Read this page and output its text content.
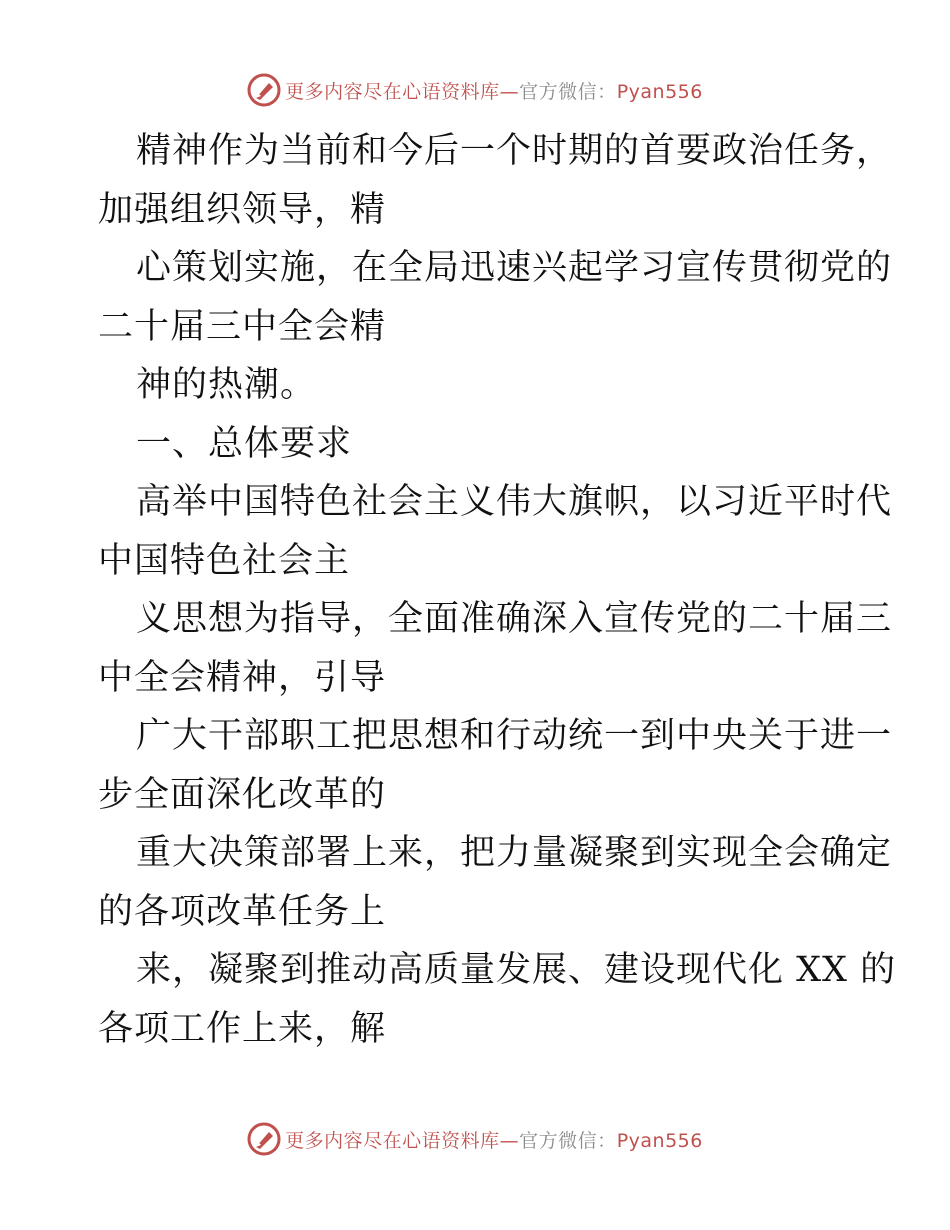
更多内容尽在心语资料库—官方微信：Pyan556
精神作为当前和今后一个时期的首要政治任务，
加强组织领导，精
心策划实施，在全局迅速兴起学习宣传贯彻党的
二十届三中全会精
神的热潮。
一、总体要求
高举中国特色社会主义伟大旗帜，以习近平时代
中国特色社会主
义思想为指导，全面准确深入宣传党的二十届三
中全会精神，引导
广大干部职工把思想和行动统一到中央关于进一
步全面深化改革的
重大决策部署上来，把力量凝聚到实现全会确定
的各项改革任务上
来，凝聚到推动高质量发展、建设现代化 XX 的
各项工作上来，解
更多内容尽在心语资料库—官方微信：Pyan556
